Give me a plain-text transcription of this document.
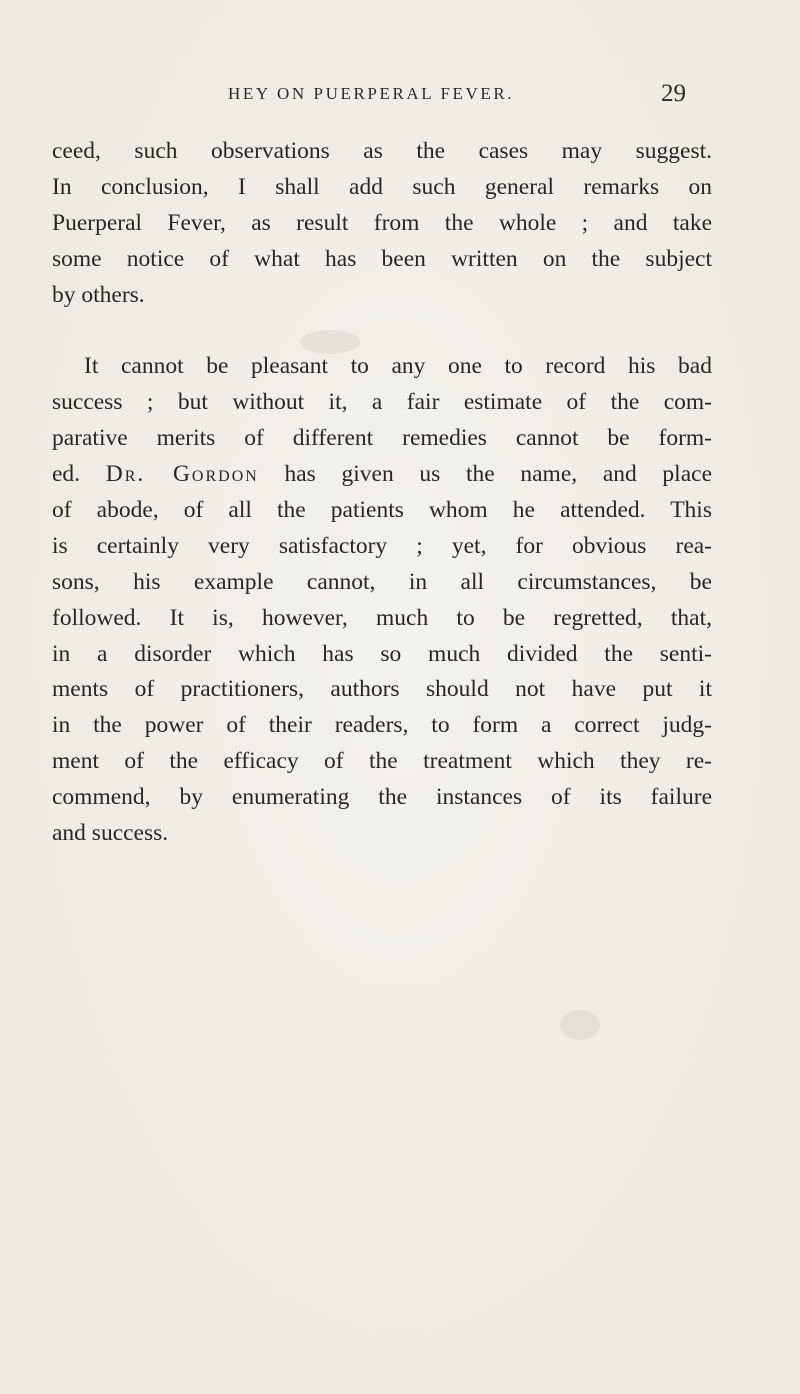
HEY ON PUERPERAL FEVER.	29
ceed, such observations as the cases may suggest.
In conclusion, I shall add such general remarks on
Puerperal Fever, as result from the whole ; and take
some notice of what has been written on the subject
by others.
It cannot be pleasant to any one to record his bad
success ; but without it, a fair estimate of the com-
parative merits of different remedies cannot be form-
ed. Dr. Gordon has given us the name, and place
of abode, of all the patients whom he attended. This
is certainly very satisfactory ; yet, for obvious rea-
sons, his example cannot, in all circumstances, be
followed. It is, however, much to be regretted, that,
in a disorder which has so much divided the senti-
ments of practitioners, authors should not have put it
in the power of their readers, to form a correct judg-
ment of the efficacy of the treatment which they re-
commend, by enumerating the instances of its failure
and success.
